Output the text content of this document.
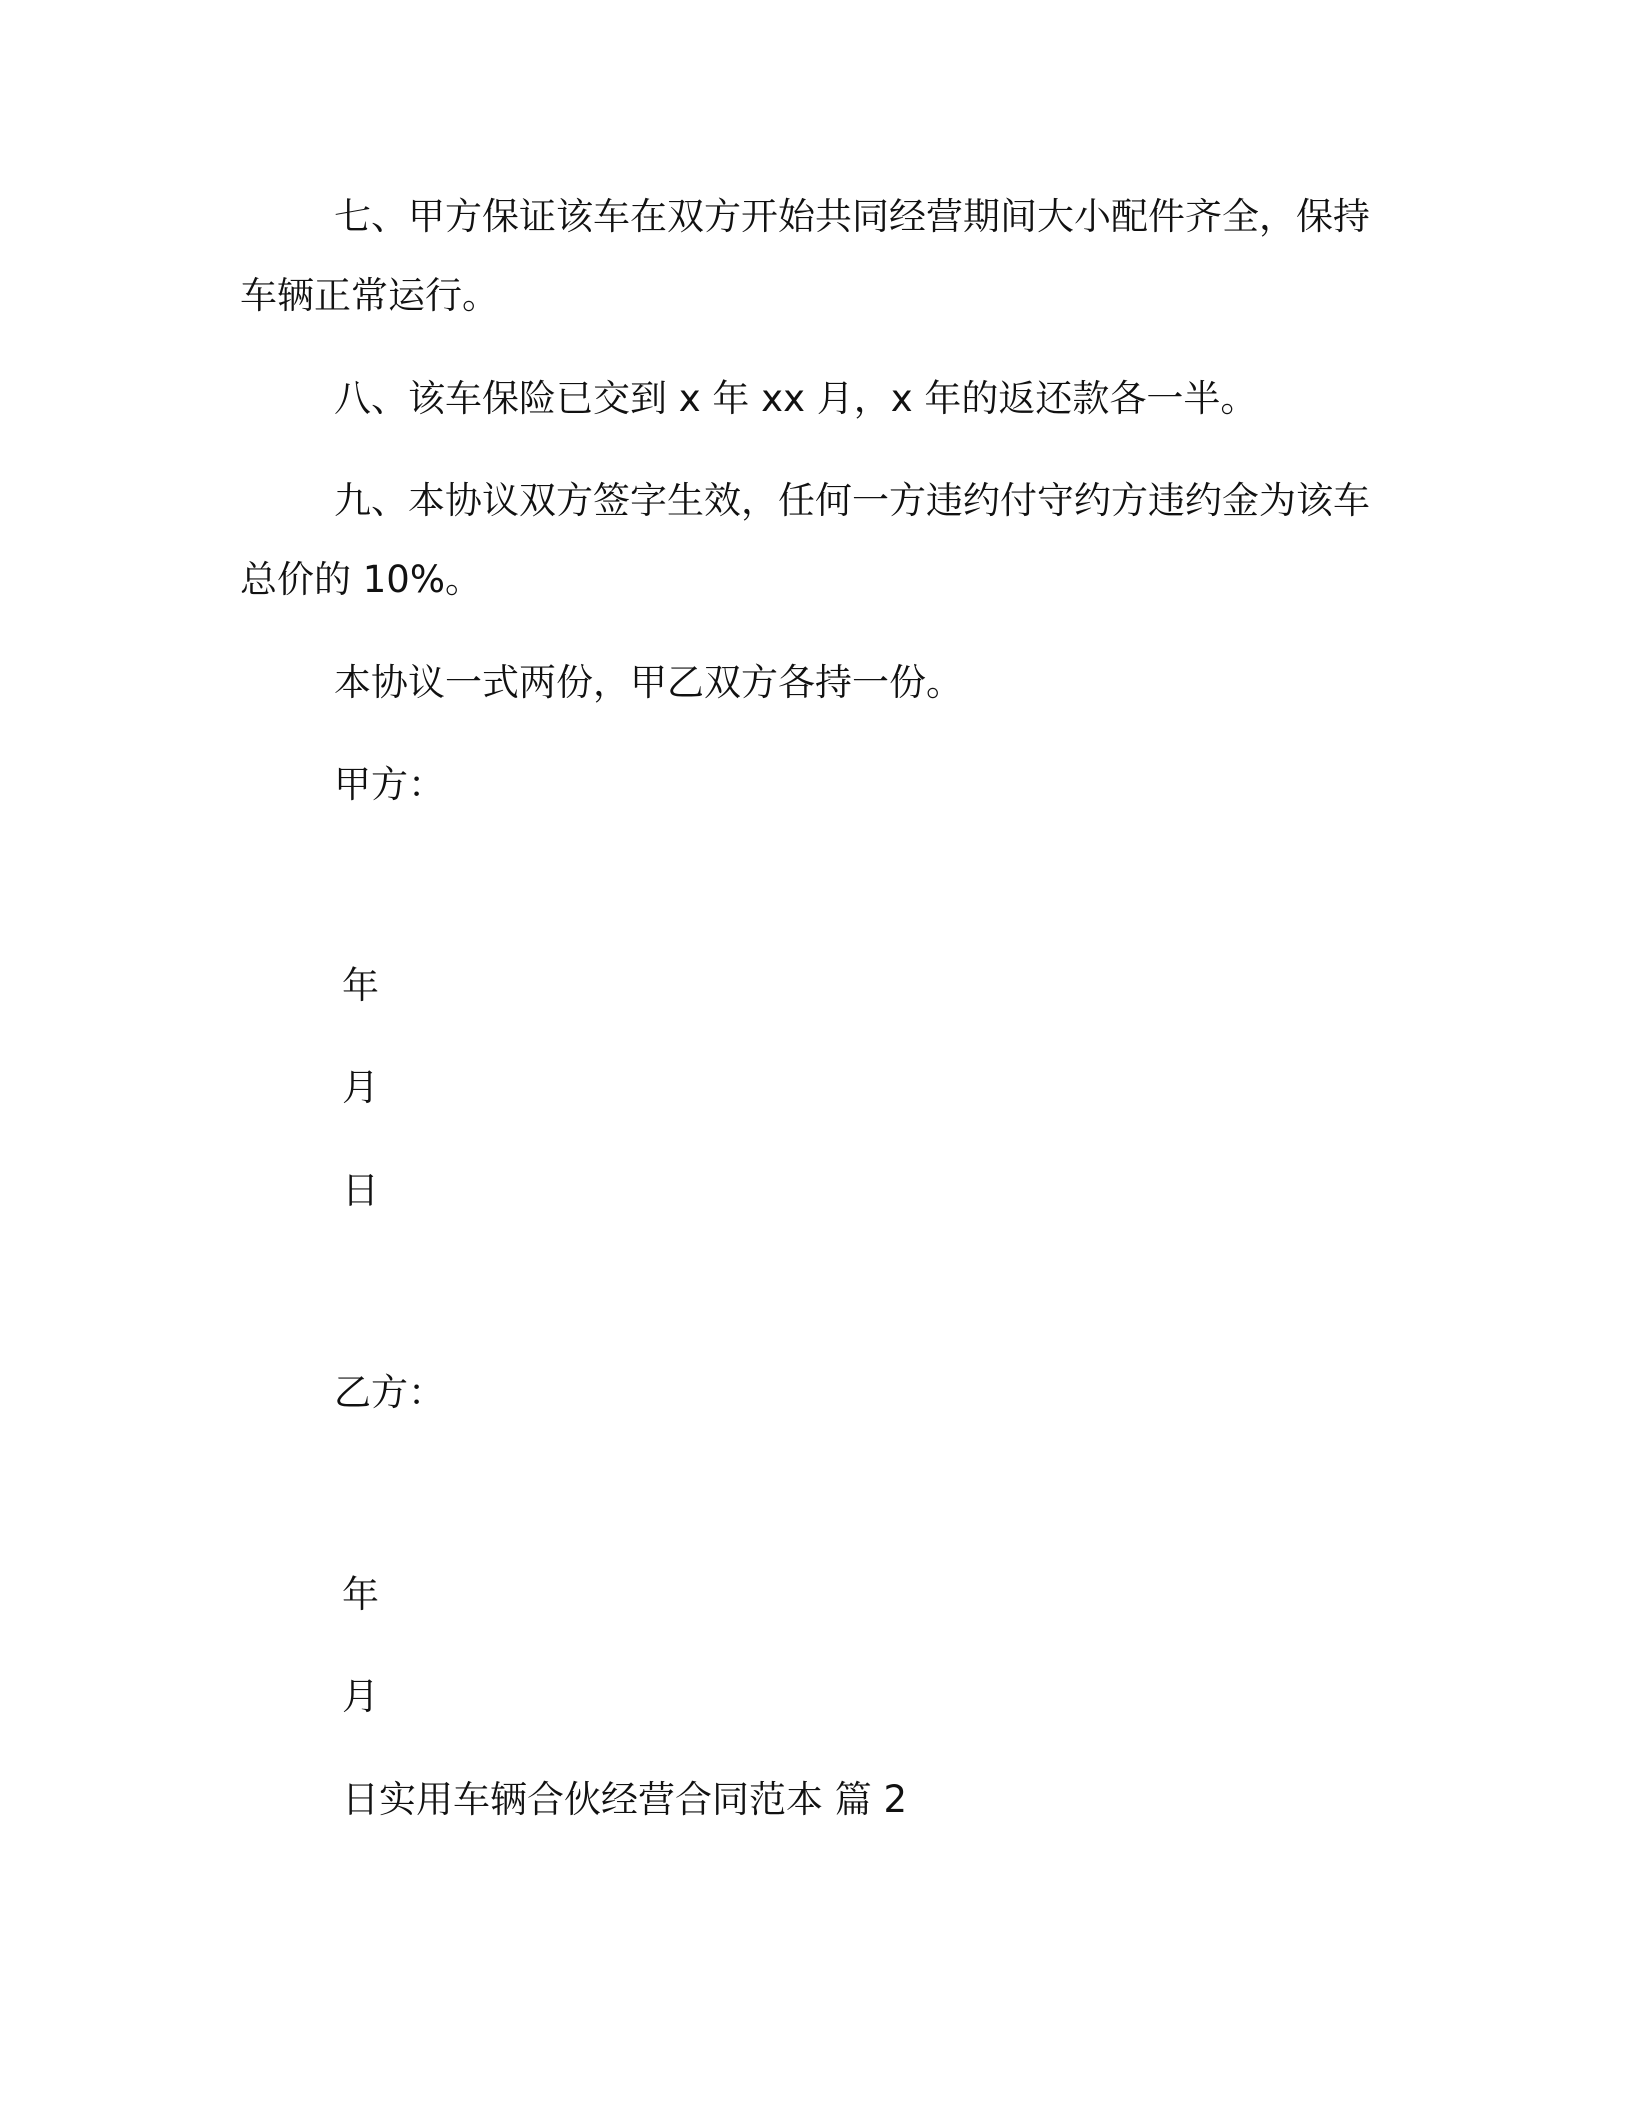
七、甲方保证该车在双方开始共同经营期间大小配件齐全，保持
车辆正常运行。
八、该车保险已交到 x 年 xx 月，x 年的返还款各一半。
九、本协议双方签字生效，任何一方违约付守约方违约金为该车
总价的 10%。
本协议一式两份，甲乙双方各持一份。
甲方：
年
月
日
乙方：
年
月
日实用车辆合伙经营合同范本 篇 2
